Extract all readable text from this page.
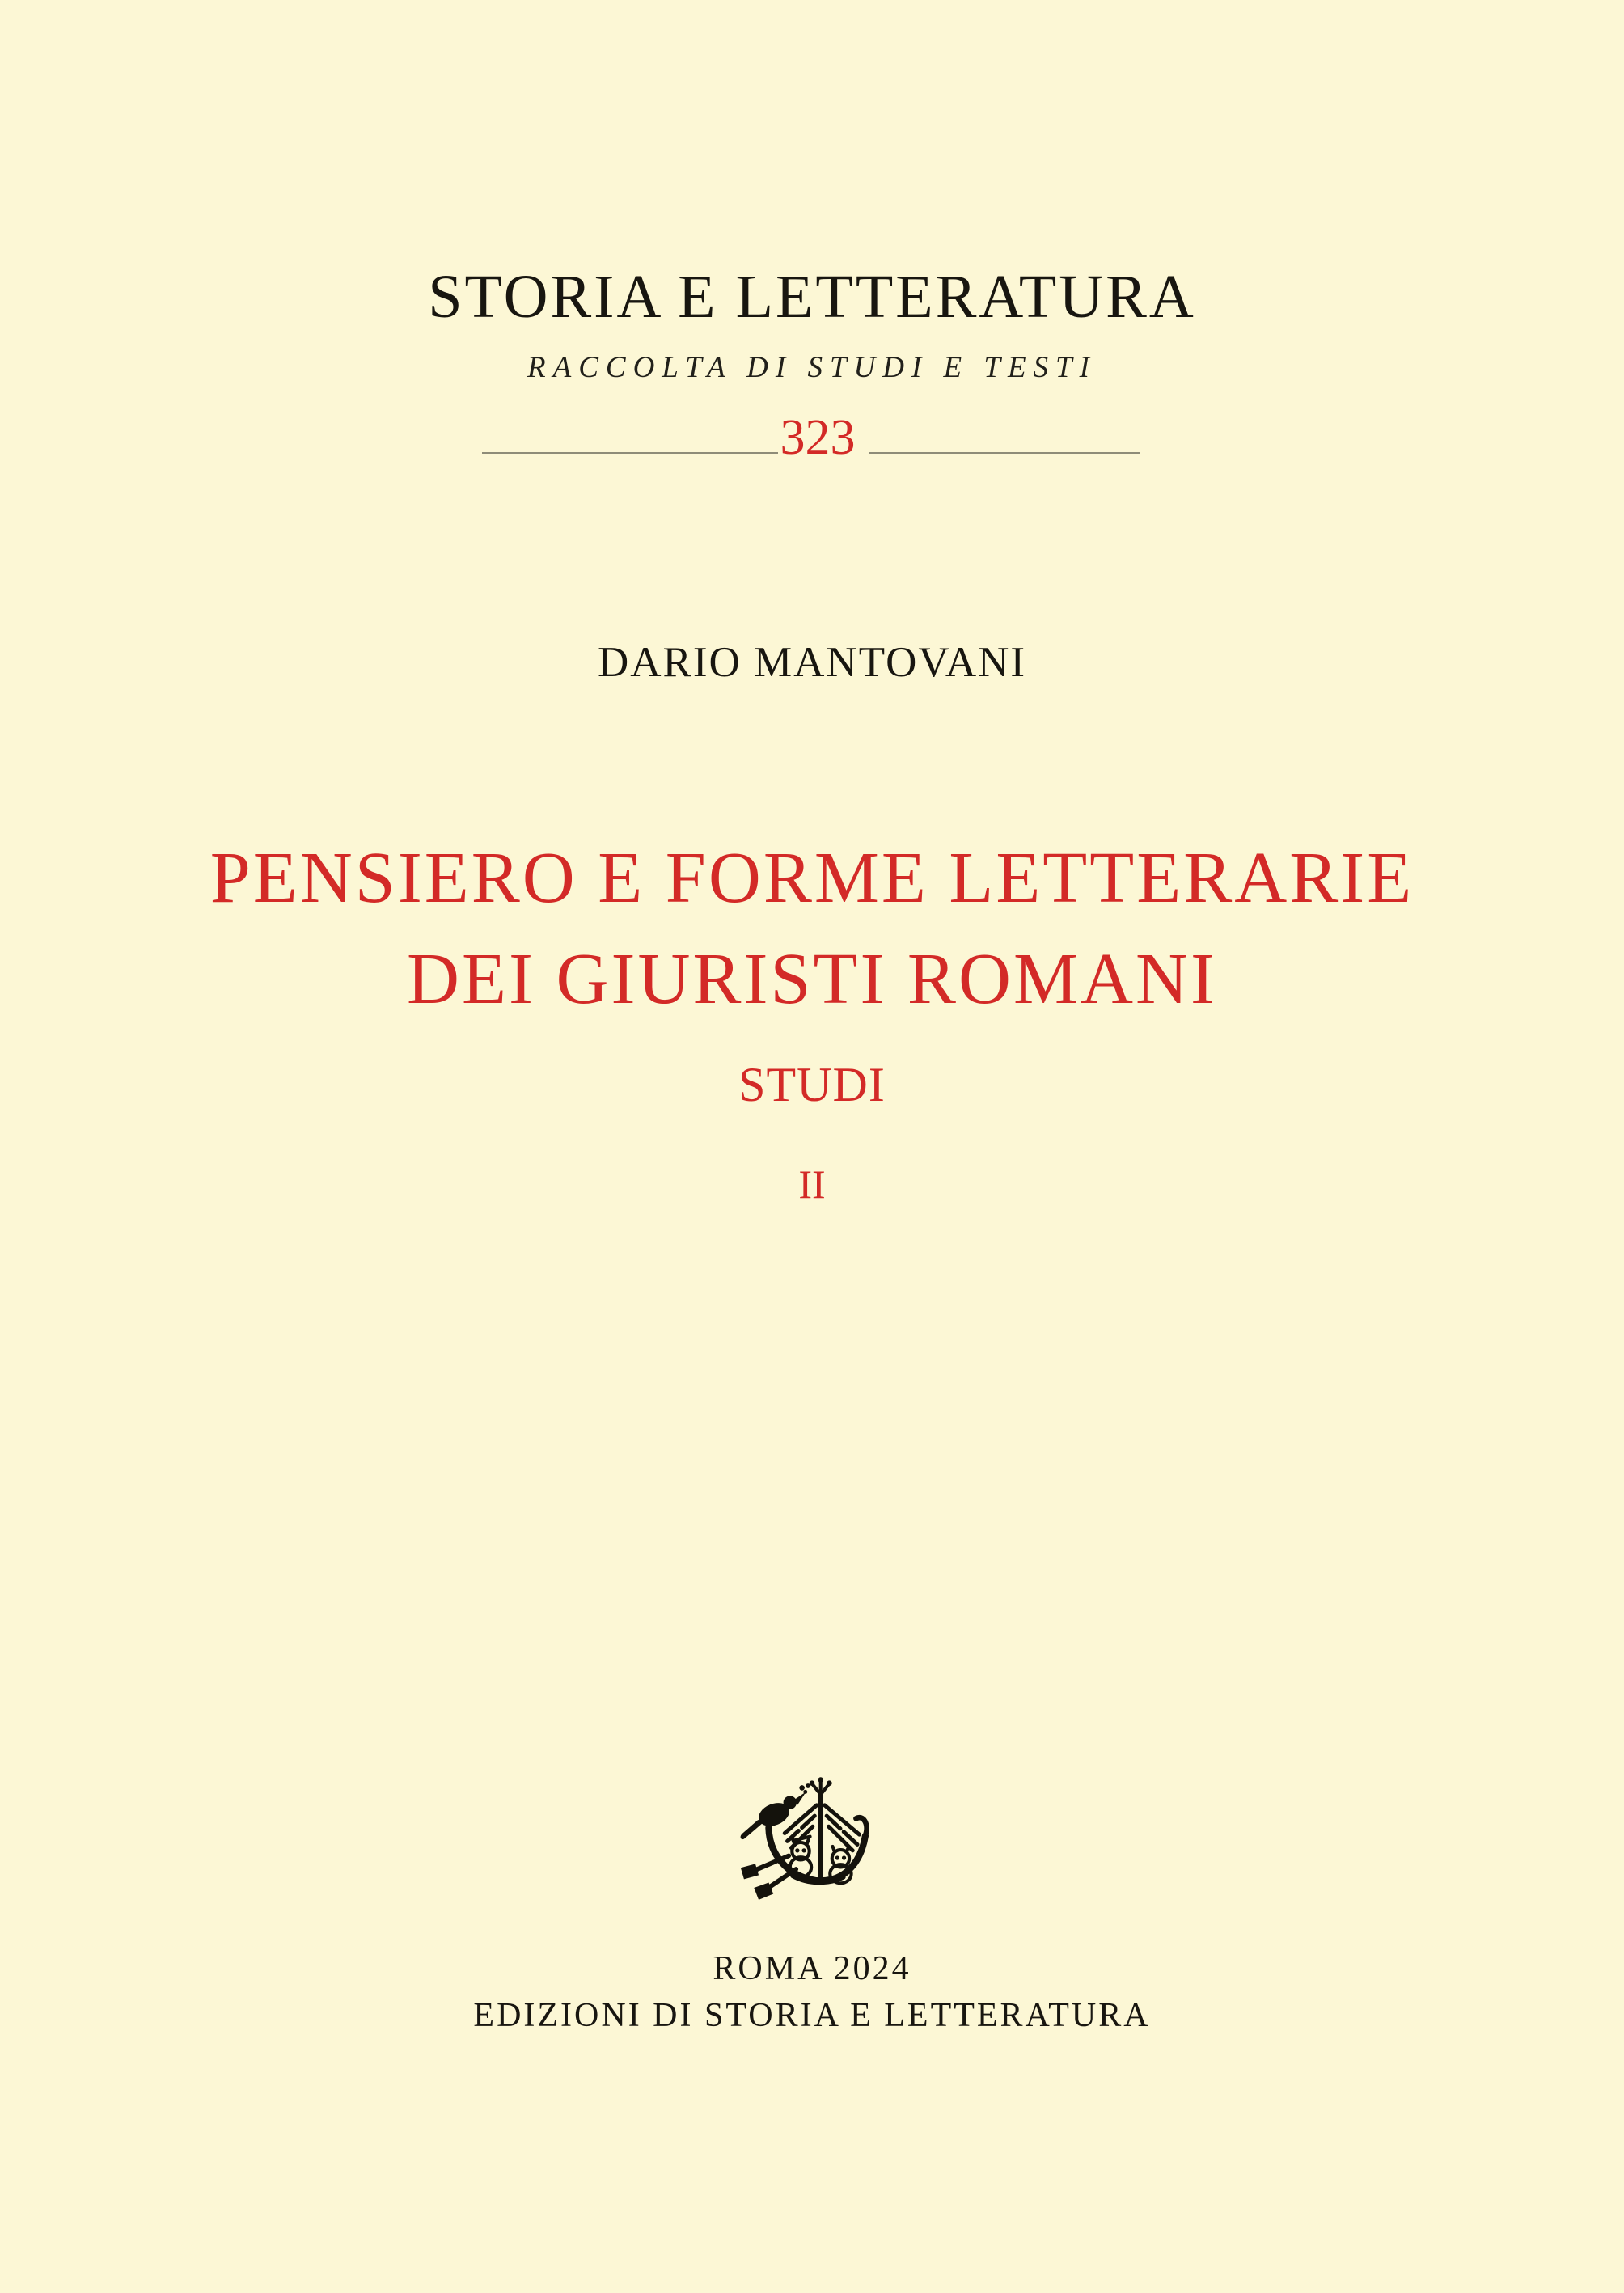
STORIA E LETTERATURA
RACCOLTA DI STUDI E TESTI
323
DARIO MANTOVANI
PENSIERO E FORME LETTERARIE
DEI GIURISTI ROMANI
STUDI
II
ROMA 2024
EDIZIONI DI STORIA E LETTERATURA
